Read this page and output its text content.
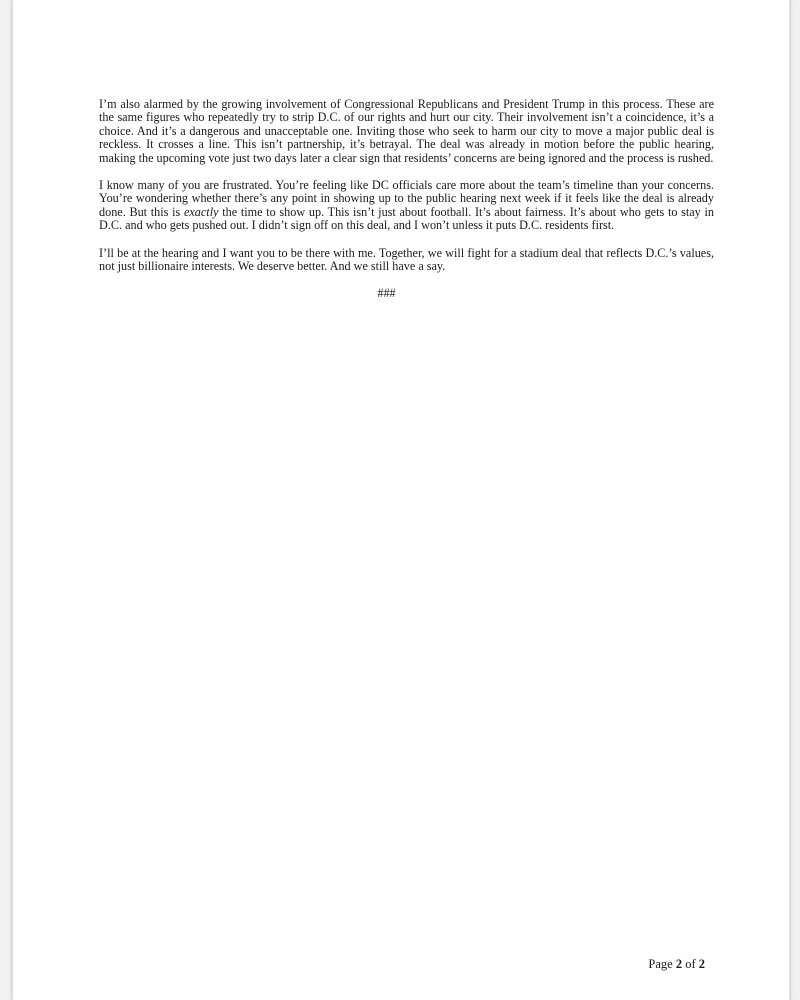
I’m also alarmed by the growing involvement of Congressional Republicans and President Trump in this process. These are the same figures who repeatedly try to strip D.C. of our rights and hurt our city. Their involvement isn’t a coincidence, it’s a choice. And it’s a dangerous and unacceptable one. Inviting those who seek to harm our city to move a major public deal is reckless. It crosses a line. This isn’t partnership, it’s betrayal. The deal was already in motion before the public hearing, making the upcoming vote just two days later a clear sign that residents’ concerns are being ignored and the process is rushed.

I know many of you are frustrated. You’re feeling like DC officials care more about the team’s timeline than your concerns. You’re wondering whether there’s any point in showing up to the public hearing next week if it feels like the deal is already done. But this is exactly the time to show up. This isn’t just about football. It’s about fairness. It’s about who gets to stay in D.C. and who gets pushed out. I didn’t sign off on this deal, and I won’t unless it puts D.C. residents first.

I’ll be at the hearing and I want you to be there with me. Together, we will fight for a stadium deal that reflects D.C.’s values, not just billionaire interests. We deserve better. And we still have a say.

###
Page 2 of 2
